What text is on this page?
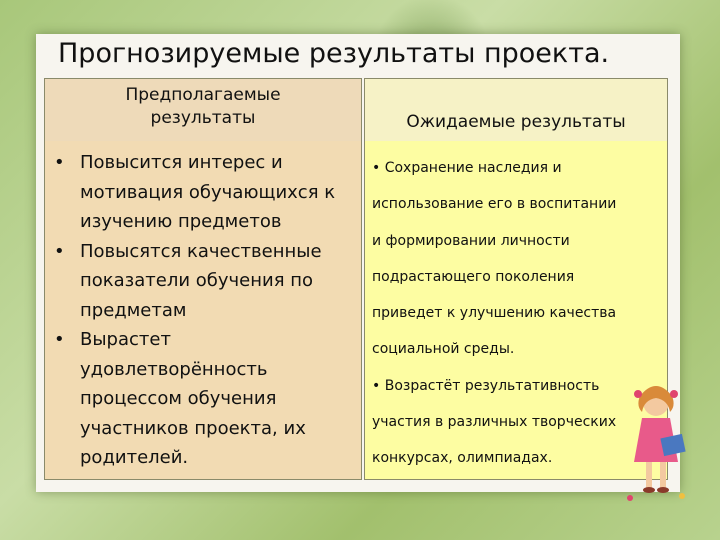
Прогнозируемые результаты проекта.
Предполагаемые
результаты	Ожидаемые результаты
• Повысится интерес и мотивация обучающихся к изучению предметов
• Повысятся качественные показатели обучения по предметам
• Вырастет удовлетворённость процессом обучения участников проекта, их родителей.
• Сохранение наследия и
использование его в воспитании
и формировании личности
подрастающего поколения
приведет к улучшению качества
социальной среды.
• Возрастёт результативность
участия в различных творческих
конкурсах, олимпиадах.
